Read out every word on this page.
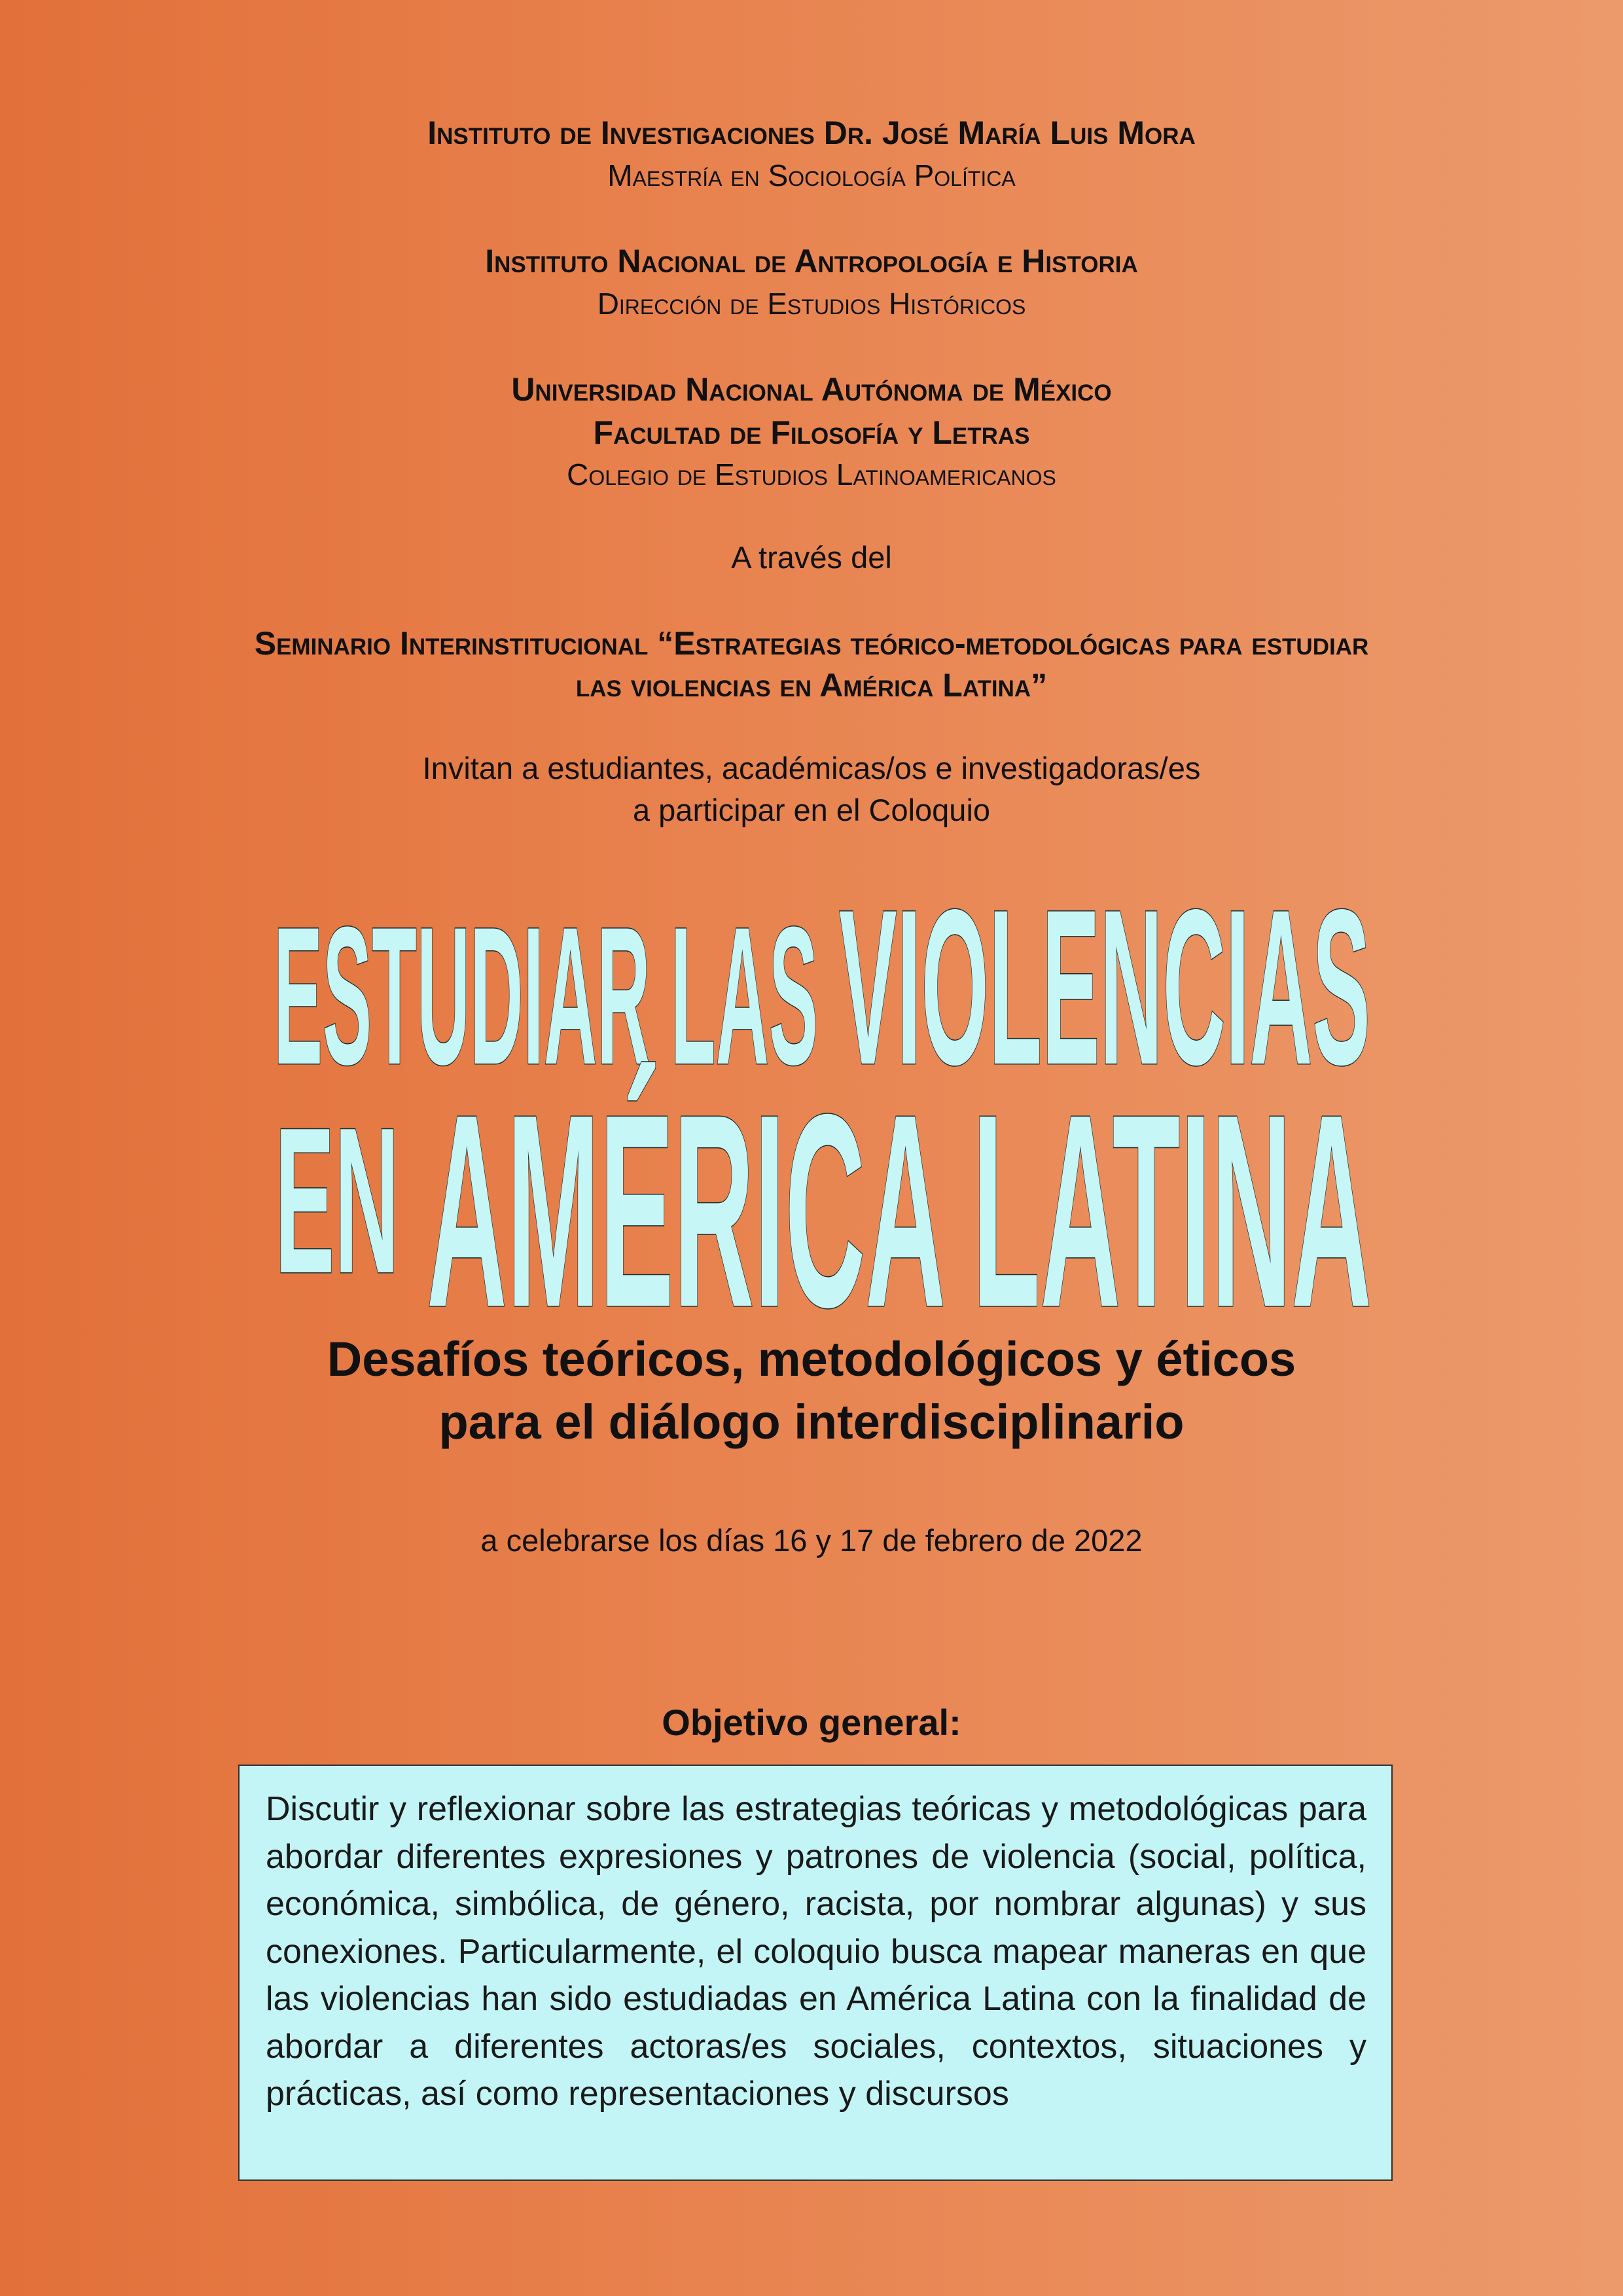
Instituto de Investigaciones Dr. José María Luis Mora
Maestría en Sociología Política
Instituto Nacional de Antropología e Historia
Dirección de Estudios Históricos
Universidad Nacional Autónoma de México
Facultad de Filosofía y Letras
Colegio de Estudios Latinoamericanos
A través del
Seminario Interinstitucional “Estrategias teórico-metodológicas para estudiar
las violencias en América Latina”
Invitan a estudiantes, académicas/os e investigadoras/es
a participar en el Coloquio
ESTUDIAR LAS VIOLENCIAS
EN AMÉRICA LATINA
Desafíos teóricos, metodológicos y éticos
para el diálogo interdisciplinario
a celebrarse los días 16 y 17 de febrero de 2022
Objetivo general:
Discutir y reflexionar sobre las estrategias teóricas y metodológicas para abordar diferentes expresiones y patrones de violencia (social, política, económica, simbólica, de género, racista, por nombrar algunas) y sus conexiones. Particularmente, el coloquio busca mapear maneras en que las violencias han sido estudiadas en América Latina con la finalidad de abordar a diferentes actoras/es sociales, contextos, situaciones y prácticas, así como representaciones y discursos
